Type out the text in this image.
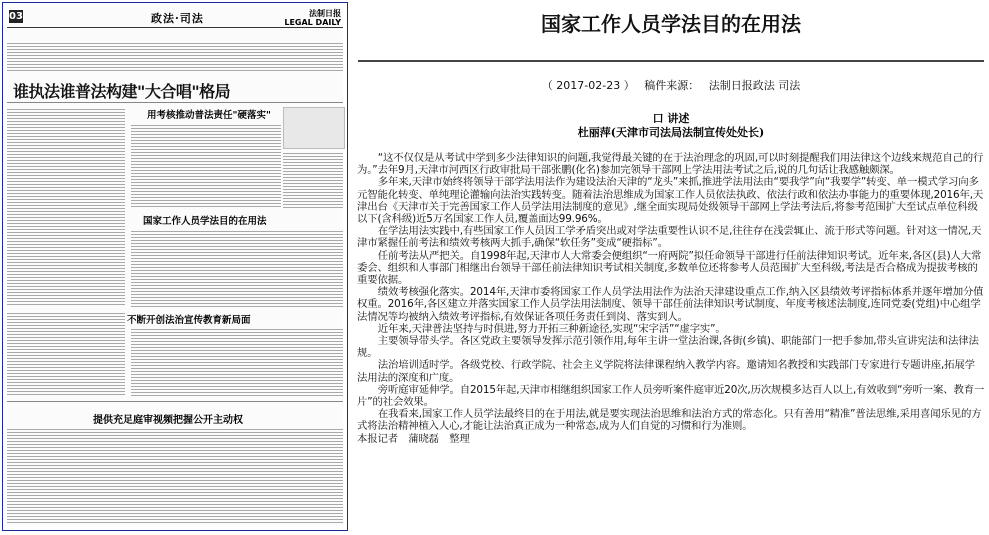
03	政法·司法	法制日报
LEGAL DAILY
谁执法谁普法构建"大合唱"格局
用考核推动普法责任"硬落实"
国家工作人员学法目的在用法
不断开创法治宣传教育新局面
提供充足庭审视频把握公开主动权
国家工作人员学法目的在用法
（ 2017-02-23 ） 稿件来源： 法制日报政法 司法
口 讲述
杜丽萍(天津市司法局法制宣传处处长)

“这不仅仅是从考试中学到多少法律知识的问题,我觉得最关键的在于法治理念的巩固,可以时刻提醒我们用法律这个边线来规范自己的行为。”去年9月,天津市河西区行政审批局干部张鹏(化名)参加完领导干部网上学法用法考试之后,说的几句话让我感触颇深。

多年来,天津市始终将领导干部学法用法作为建设法治天津的“龙头”来抓,推进学法用法由“要我学”向“我要学”转变、单一模式学习向多元智能化转变、单纯理论灌输向法治实践转变。随着法治思维成为国家工作人员依法执政、依法行政和依法办事能力的重要体现,2016年,天津出台《天津市关于完善国家工作人员学法用法制度的意见》,继全面实现局处级领导干部网上学法考法后,将参考范围扩大至试点单位科级以下(含科级)近5万名国家工作人员,覆盖面达99.96%。

在学法用法实践中,有些国家工作人员因工学矛盾突出或对学法重要性认识不足,往往存在浅尝辄止、流于形式等问题。针对这一情况,天津市紧握任前考法和绩效考核两大抓手,确保“软任务”变成“硬指标”。

任前考法从严把关。自1998年起,天津市人大常委会便组织“一府两院”拟任命领导干部进行任前法律知识考试。近年来,各区(县)人大常委会、组织和人事部门相继出台领导干部任前法律知识考试相关制度,多数单位还将参考人员范围扩大至科级,考法是否合格成为提拔考核的重要依据。

绩效考核强化落实。2014年,天津市委将国家工作人员学法用法作为法治天津建设重点工作,纳入区县绩效考评指标体系并逐年增加分值权重。2016年,各区建立并落实国家工作人员学法用法制度、领导干部任前法律知识考试制度、年度考核述法制度,连同党委(党组)中心组学法情况等均被纳入绩效考评指标,有效保证各项任务责任到岗、落实到人。

近年来,天津普法坚持与时俱进,努力开拓三种新途径,实现“宋字活”“虚字实”。

主要领导带头学。各区党政主要领导发挥示范引领作用,每年主讲一堂法治课,各街(乡镇)、职能部门一把手参加,带头宣讲宪法和法律法规。

法治培训适时学。各级党校、行政学院、社会主义学院将法律课程纳入教学内容。邀请知名教授和实践部门专家进行专题讲座,拓展学法用法的深度和广度。

旁听庭审延伸学。自2015年起,天津市相继组织国家工作人员旁听案件庭审近20次,历次规模多达百人以上,有效收到“旁听一案、教育一片”的社会效果。

在我看来,国家工作人员学法最终目的在于用法,就是要实现法治思维和法治方式的常态化。只有善用“精准”普法思维,采用喜闻乐见的方式将法治精神植入人心,才能让法治真正成为一种常态,成为人们自觉的习惯和行为准则。

本报记者　蒲晓磊　整理
